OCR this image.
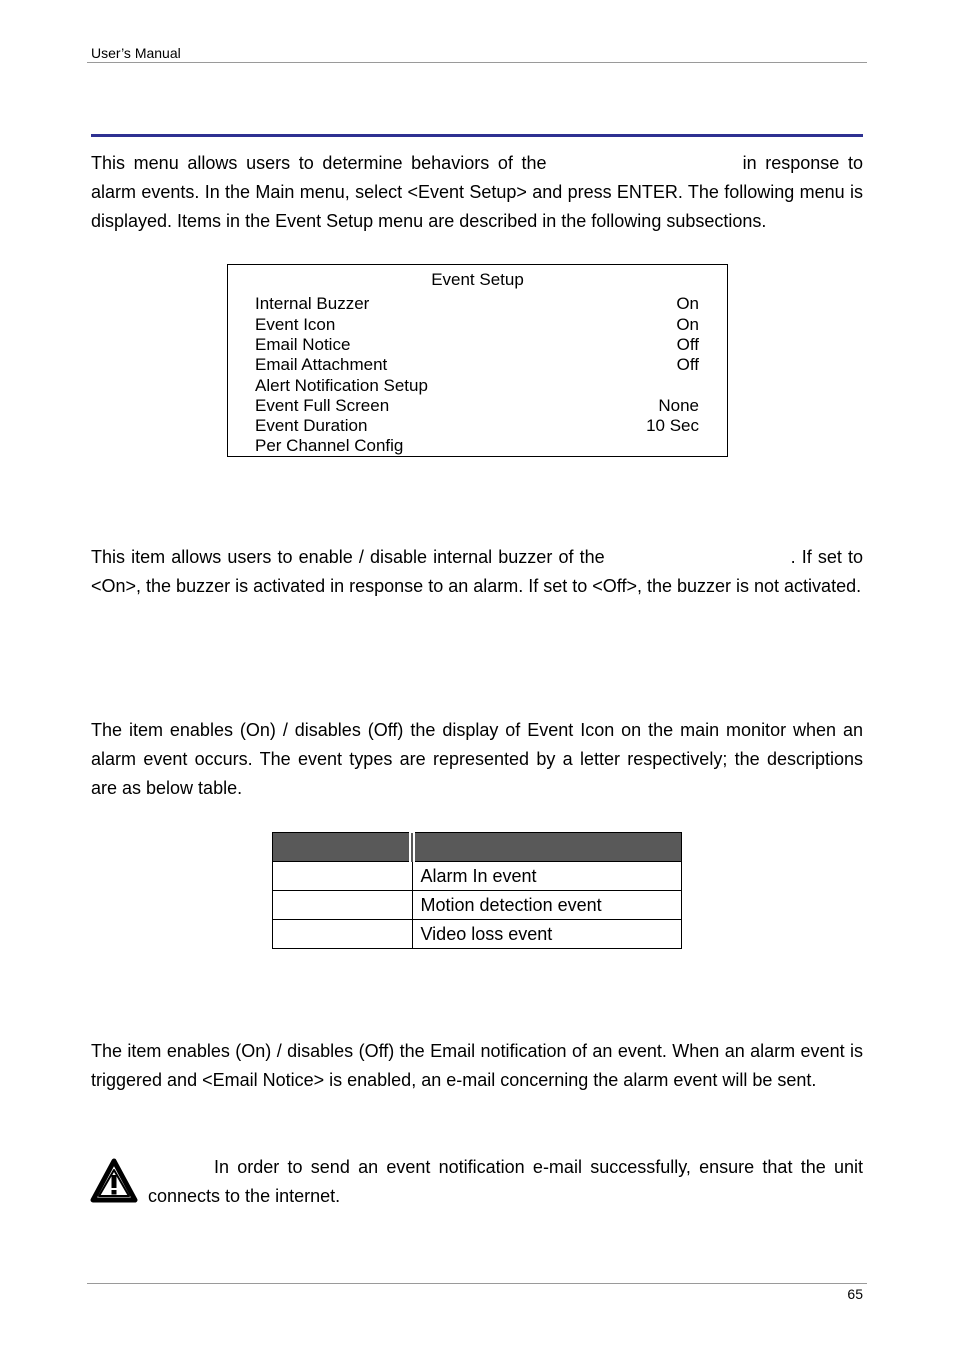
User’s Manual

This menu allows users to determine behaviors of the	in response to alarm events. In the Main menu, select <Event Setup> and press ENTER. The following menu is displayed. Items in the Event Setup menu are described in the following subsections.

Event Setup
Internal Buzzer	On
Event Icon	On
Email Notice	Off
Email Attachment	Off
Alert Notification Setup
Event Full Screen	None
Event Duration	10 Sec
Per Channel Config

This item allows users to enable / disable internal buzzer of the	. If set to <On>, the buzzer is activated in response to an alarm. If set to <Off>, the buzzer is not activated.

The item enables (On) / disables (Off) the display of Event Icon on the main monitor when an alarm event occurs. The event types are represented by a letter respectively; the descriptions are as below table.

	Alarm In event
	Motion detection event
	Video loss event

The item enables (On) / disables (Off) the Email notification of an event. When an alarm event is triggered and <Email Notice> is enabled, an e-mail concerning the alarm event will be sent.

In order to send an event notification e-mail successfully, ensure that the unit connects to the internet.

65
